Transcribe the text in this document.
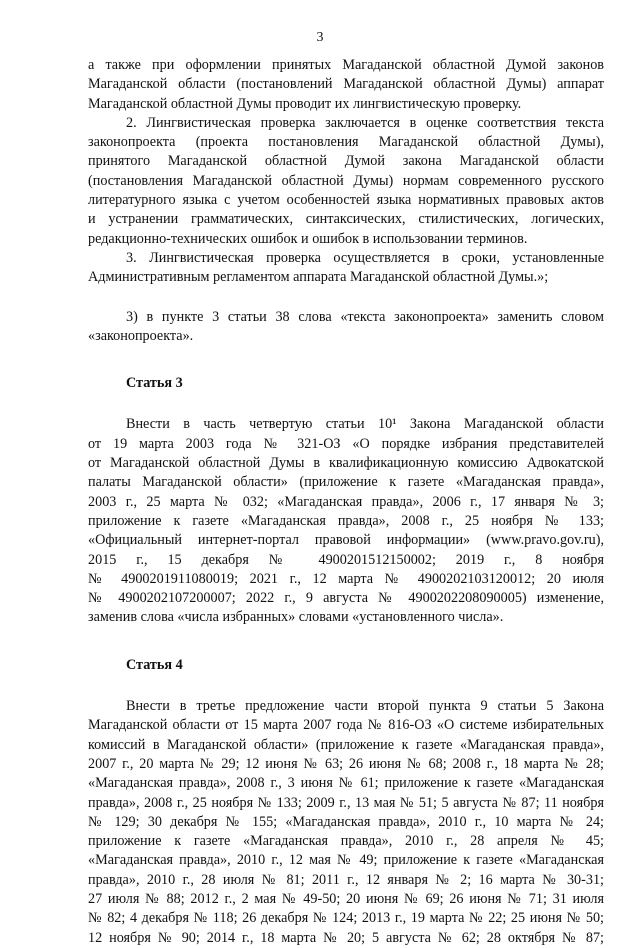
3

а также при оформлении принятых Магаданской областной Думой законов
Магаданской области (постановлений Магаданской областной Думы) аппарат
Магаданской областной Думы проводит их лингвистическую проверку.

2. Лингвистическая проверка заключается в оценке соответствия текста
законопроекта (проекта постановления Магаданской областной Думы),
принятого Магаданской областной Думой закона Магаданской области
(постановления Магаданской областной Думы) нормам современного русского
литературного языка с учетом особенностей языка нормативных правовых актов
и устранении грамматических, синтаксических, стилистических, логических,
редакционно-технических ошибок и ошибок в использовании терминов.

3. Лингвистическая проверка осуществляется в сроки, установленные
Административным регламентом аппарата Магаданской областной Думы.»;

3) в пункте 3 статьи 38 слова «текста законопроекта» заменить словом
«законопроекта».

Статья 3

Внести в часть четвертую статьи 10¹ Закона Магаданской области
от 19 марта 2003 года № 321-ОЗ «О порядке избрания представителей
от Магаданской областной Думы в квалификационную комиссию Адвокатской
палаты Магаданской области» (приложение к газете «Магаданская правда»,
2003 г., 25 марта № 032; «Магаданская правда», 2006 г., 17 января № 3;
приложение к газете «Магаданская правда», 2008 г., 25 ноября № 133;
«Официальный интернет-портал правовой информации» (www.pravo.gov.ru),
2015 г., 15 декабря № 4900201512150002; 2019 г., 8 ноября
№ 4900201911080019; 2021 г., 12 марта № 4900202103120012; 20 июля
№ 4900202107200007; 2022 г., 9 августа № 4900202208090005) изменение,
заменив слова «числа избранных» словами «установленного числа».

Статья 4

Внести в третье предложение части второй пункта 9 статьи 5 Закона
Магаданской области от 15 марта 2007 года № 816-ОЗ «О системе избирательных
комиссий в Магаданской области» (приложение к газете «Магаданская правда»,
2007 г., 20 марта № 29; 12 июня № 63; 26 июня № 68; 2008 г., 18 марта № 28;
«Магаданская правда», 2008 г., 3 июня № 61; приложение к газете «Магаданская
правда», 2008 г., 25 ноября № 133; 2009 г., 13 мая № 51; 5 августа № 87; 11 ноября
№ 129; 30 декабря № 155; «Магаданская правда», 2010 г., 10 марта № 24;
приложение к газете «Магаданская правда», 2010 г., 28 апреля № 45;
«Магаданская правда», 2010 г., 12 мая № 49; приложение к газете «Магаданская
правда», 2010 г., 28 июля № 81; 2011 г., 12 января № 2; 16 марта № 30-31;
27 июля № 88; 2012 г., 2 мая № 49-50; 20 июня № 69; 26 июня № 71; 31 июля
№ 82; 4 декабря № 118; 26 декабря № 124; 2013 г., 19 марта № 22; 25 июня № 50;
12 ноября № 90; 2014 г., 18 марта № 20; 5 августа № 62; 28 октября № 87;
